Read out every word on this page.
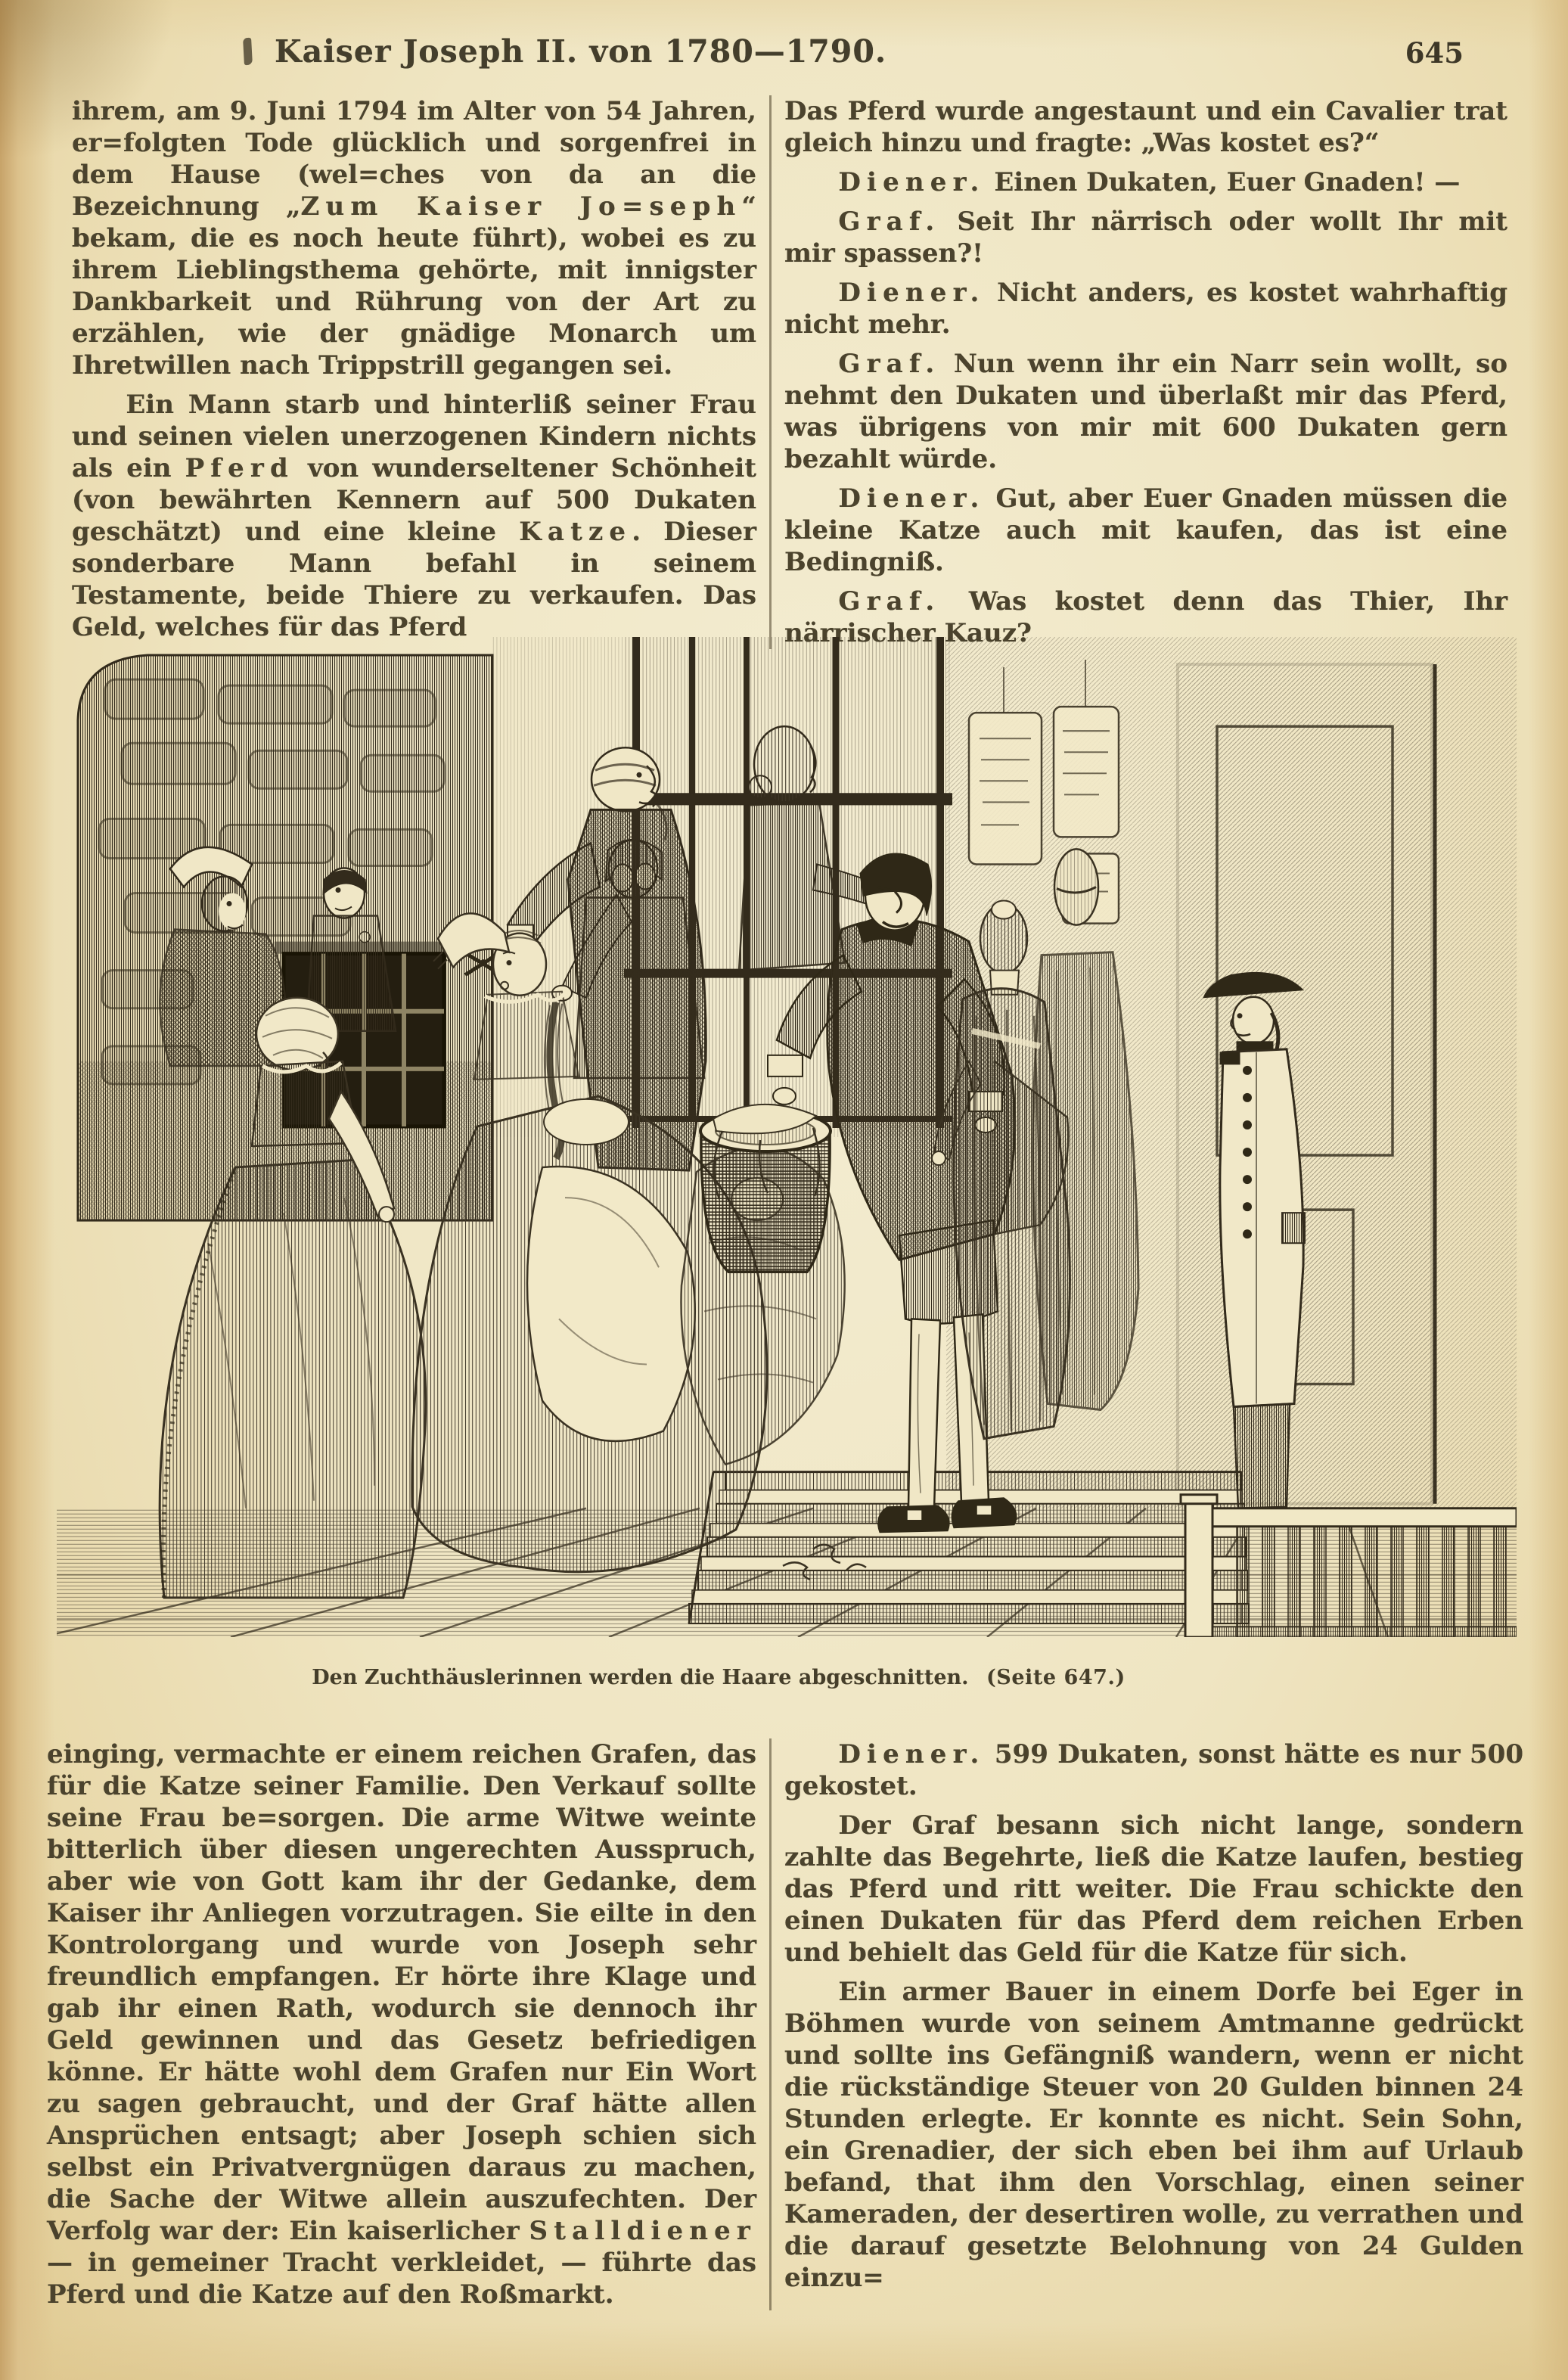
Kaiser Joseph II. von 1780—1790.	645

ihrem, am 9. Juni 1794 im Alter von 54 Jahren, er=folgten Tode glücklich und sorgenfrei in dem Hause (wel=ches von da an die Bezeichnung „Zum Kaiser Jo=seph“ bekam, die es noch heute führt), wobei es zu ihrem Lieblingsthema gehörte, mit innigster Dankbarkeit und Rührung von der Art zu erzählen, wie der gnädige Monarch um Ihretwillen nach Trippstrill gegangen sei.

Ein Mann starb und hinterliß seiner Frau und seinen vielen unerzogenen Kindern nichts als ein Pferd von wunderseltener Schönheit (von bewährten Kennern auf 500 Dukaten geschätzt) und eine kleine Katze. Dieser sonderbare Mann befahl in seinem Testamente, beide Thiere zu verkaufen. Das Geld, welches für das Pferd

Das Pferd wurde angestaunt und ein Cavalier trat gleich hinzu und fragte: „Was kostet es?“

Diener. Einen Dukaten, Euer Gnaden! —

Graf. Seit Ihr närrisch oder wollt Ihr mit mir spassen?!

Diener. Nicht anders, es kostet wahrhaftig nicht mehr.

Graf. Nun wenn ihr ein Narr sein wollt, so nehmt den Dukaten und überlaßt mir das Pferd, was übrigens von mir mit 600 Dukaten gern bezahlt würde.

Diener. Gut, aber Euer Gnaden müssen die kleine Katze auch mit kaufen, das ist eine Bedingniß.

Graf. Was kostet denn das Thier, Ihr närrischer Kauz?

Den Zuchthäuslerinnen werden die Haare abgeschnitten. (Seite 647.)

einging, vermachte er einem reichen Grafen, das für die Katze seiner Familie. Den Verkauf sollte seine Frau be=sorgen. Die arme Witwe weinte bitterlich über diesen ungerechten Ausspruch, aber wie von Gott kam ihr der Gedanke, dem Kaiser ihr Anliegen vorzutragen. Sie eilte in den Kontrolorgang und wurde von Joseph sehr freundlich empfangen. Er hörte ihre Klage und gab ihr einen Rath, wodurch sie dennoch ihr Geld gewinnen und das Gesetz befriedigen könne. Er hätte wohl dem Grafen nur Ein Wort zu sagen gebraucht, und der Graf hätte allen Ansprüchen entsagt; aber Joseph schien sich selbst ein Privatvergnügen daraus zu machen, die Sache der Witwe allein auszufechten. Der Verfolg war der: Ein kaiserlicher Stalldiener — in gemeiner Tracht verkleidet, — führte das Pferd und die Katze auf den Roßmarkt.

Diener. 599 Dukaten, sonst hätte es nur 500 gekostet.

Der Graf besann sich nicht lange, sondern zahlte das Begehrte, ließ die Katze laufen, bestieg das Pferd und ritt weiter. Die Frau schickte den einen Dukaten für das Pferd dem reichen Erben und behielt das Geld für die Katze für sich.

Ein armer Bauer in einem Dorfe bei Eger in Böhmen wurde von seinem Amtmanne gedrückt und sollte ins Gefängniß wandern, wenn er nicht die rückständige Steuer von 20 Gulden binnen 24 Stunden erlegte. Er konnte es nicht. Sein Sohn, ein Grenadier, der sich eben bei ihm auf Urlaub befand, that ihm den Vorschlag, einen seiner Kameraden, der desertiren wolle, zu verrathen und die darauf gesetzte Belohnung von 24 Gulden einzu=
